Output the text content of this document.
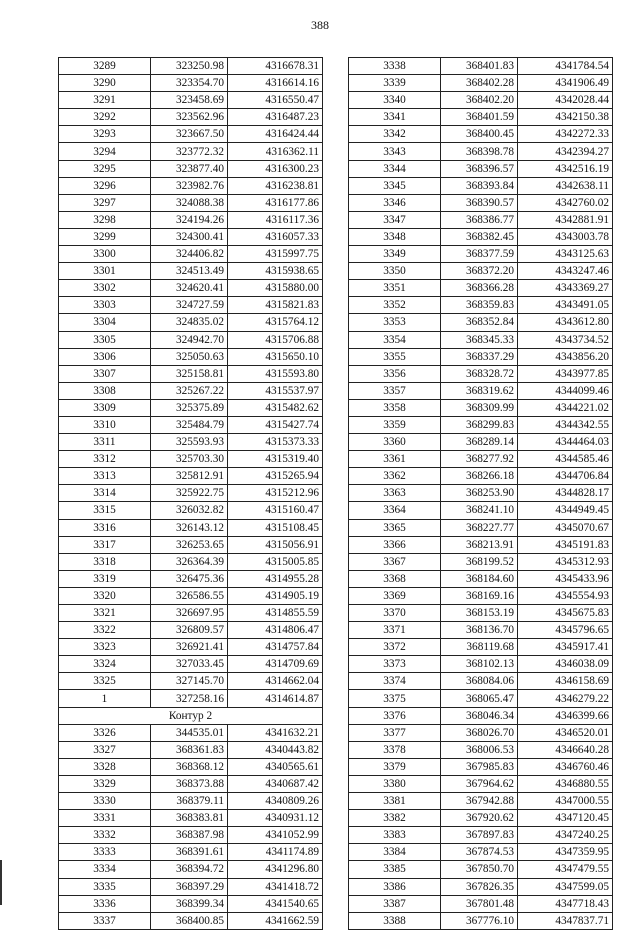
388
3289	323250.98	4316678.31
3290	323354.70	4316614.16
3291	323458.69	4316550.47
3292	323562.96	4316487.23
3293	323667.50	4316424.44
3294	323772.32	4316362.11
3295	323877.40	4316300.23
3296	323982.76	4316238.81
3297	324088.38	4316177.86
3298	324194.26	4316117.36
3299	324300.41	4316057.33
3300	324406.82	4315997.75
3301	324513.49	4315938.65
3302	324620.41	4315880.00
3303	324727.59	4315821.83
3304	324835.02	4315764.12
3305	324942.70	4315706.88
3306	325050.63	4315650.10
3307	325158.81	4315593.80
3308	325267.22	4315537.97
3309	325375.89	4315482.62
3310	325484.79	4315427.74
3311	325593.93	4315373.33
3312	325703.30	4315319.40
3313	325812.91	4315265.94
3314	325922.75	4315212.96
3315	326032.82	4315160.47
3316	326143.12	4315108.45
3317	326253.65	4315056.91
3318	326364.39	4315005.85
3319	326475.36	4314955.28
3320	326586.55	4314905.19
3321	326697.95	4314855.59
3322	326809.57	4314806.47
3323	326921.41	4314757.84
3324	327033.45	4314709.69
3325	327145.70	4314662.04
1	327258.16	4314614.87
Контур 2		
3326	344535.01	4341632.21
3327	368361.83	4340443.82
3328	368368.12	4340565.61
3329	368373.88	4340687.42
3330	368379.11	4340809.26
3331	368383.81	4340931.12
3332	368387.98	4341052.99
3333	368391.61	4341174.89
3334	368394.72	4341296.80
3335	368397.29	4341418.72
3336	368399.34	4341540.65
3337	368400.85	4341662.59
3338	368401.83	4341784.54
3339	368402.28	4341906.49
3340	368402.20	4342028.44
3341	368401.59	4342150.38
3342	368400.45	4342272.33
3343	368398.78	4342394.27
3344	368396.57	4342516.19
3345	368393.84	4342638.11
3346	368390.57	4342760.02
3347	368386.77	4342881.91
3348	368382.45	4343003.78
3349	368377.59	4343125.63
3350	368372.20	4343247.46
3351	368366.28	4343369.27
3352	368359.83	4343491.05
3353	368352.84	4343612.80
3354	368345.33	4343734.52
3355	368337.29	4343856.20
3356	368328.72	4343977.85
3357	368319.62	4344099.46
3358	368309.99	4344221.02
3359	368299.83	4344342.55
3360	368289.14	4344464.03
3361	368277.92	4344585.46
3362	368266.18	4344706.84
3363	368253.90	4344828.17
3364	368241.10	4344949.45
3365	368227.77	4345070.67
3366	368213.91	4345191.83
3367	368199.52	4345312.93
3368	368184.60	4345433.96
3369	368169.16	4345554.93
3370	368153.19	4345675.83
3371	368136.70	4345796.65
3372	368119.68	4345917.41
3373	368102.13	4346038.09
3374	368084.06	4346158.69
3375	368065.47	4346279.22
3376	368046.34	4346399.66
3377	368026.70	4346520.01
3378	368006.53	4346640.28
3379	367985.83	4346760.46
3380	367964.62	4346880.55
3381	367942.88	4347000.55
3382	367920.62	4347120.45
3383	367897.83	4347240.25
3384	367874.53	4347359.95
3385	367850.70	4347479.55
3386	367826.35	4347599.05
3387	367801.48	4347718.43
3388	367776.10	4347837.71
